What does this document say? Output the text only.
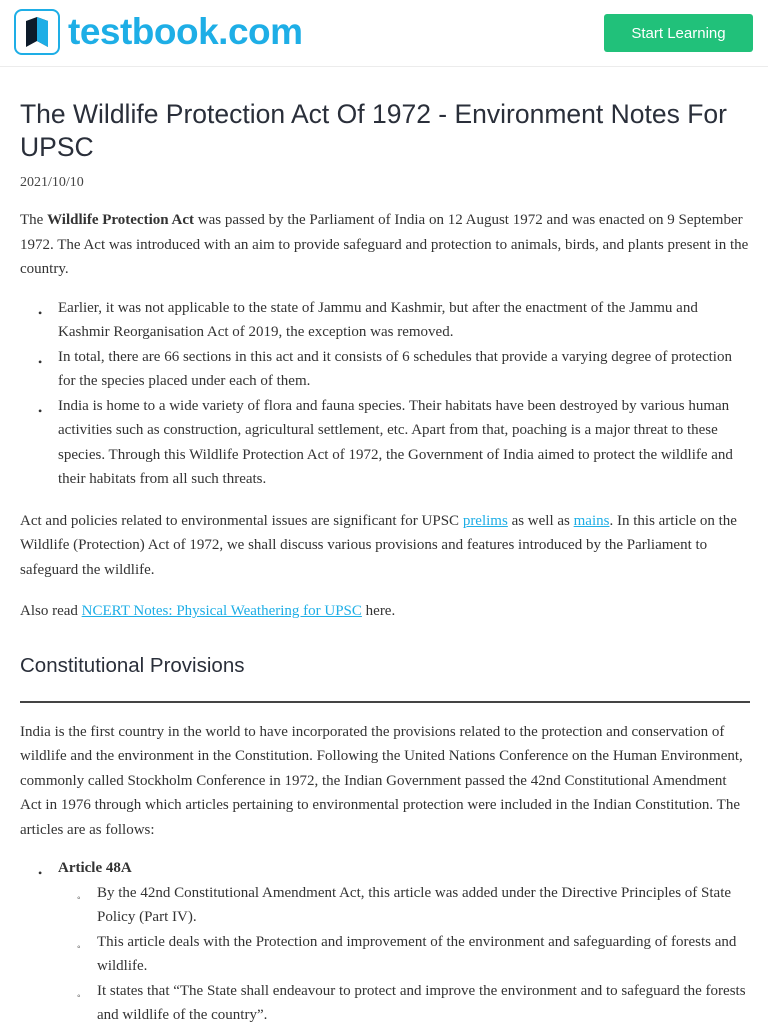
testbook.com	Start Learning
The Wildlife Protection Act Of 1972 - Environment Notes For UPSC
2021/10/10

The Wildlife Protection Act was passed by the Parliament of India on 12 August 1972 and was enacted on 9 September 1972. The Act was introduced with an aim to provide safeguard and protection to animals, birds, and plants present in the country.

• Earlier, it was not applicable to the state of Jammu and Kashmir, but after the enactment of the Jammu and Kashmir Reorganisation Act of 2019, the exception was removed.
• In total, there are 66 sections in this act and it consists of 6 schedules that provide a varying degree of protection for the species placed under each of them.
• India is home to a wide variety of flora and fauna species. Their habitats have been destroyed by various human activities such as construction, agricultural settlement, etc. Apart from that, poaching is a major threat to these species. Through this Wildlife Protection Act of 1972, the Government of India aimed to protect the wildlife and their habitats from all such threats.

Act and policies related to environmental issues are significant for UPSC prelims as well as mains. In this article on the Wildlife (Protection) Act of 1972, we shall discuss various provisions and features introduced by the Parliament to safeguard the wildlife.

Also read NCERT Notes: Physical Weathering for UPSC here.

Constitutional Provisions

India is the first country in the world to have incorporated the provisions related to the protection and conservation of wildlife and the environment in the Constitution. Following the United Nations Conference on the Human Environment, commonly called Stockholm Conference in 1972, the Indian Government passed the 42nd Constitutional Amendment Act in 1976 through which articles pertaining to environmental protection were included in the Indian Constitution. The articles are as follows:

• Article 48A
◦ By the 42nd Constitutional Amendment Act, this article was added under the Directive Principles of State Policy (Part IV).
◦ This article deals with the Protection and improvement of the environment and safeguarding of forests and wildlife.
◦ It states that “The State shall endeavour to protect and improve the environment and to safeguard the forests and wildlife of the country”.
